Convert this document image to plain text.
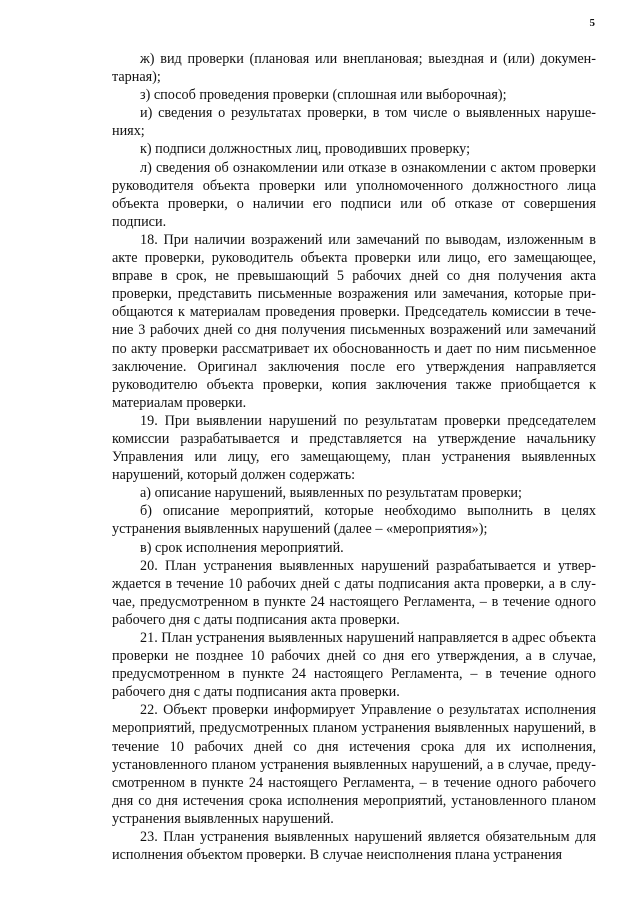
5

ж) вид проверки (плановая или внеплановая; выездная и (или) документарная);

з) способ проведения проверки (сплошная или выборочная);

и) сведения о результатах проверки, в том числе о выявленных нарушениях;

к) подписи должностных лиц, проводивших проверку;

л) сведения об ознакомлении или отказе в ознакомлении с актом проверки руководителя объекта проверки или уполномоченного должностного лица объекта проверки, о наличии его подписи или об отказе от совершения подписи.

18. При наличии возражений или замечаний по выводам, изложенным в акте проверки, руководитель объекта проверки или лицо, его замещающее, вправе в срок, не превышающий 5 рабочих дней со дня получения акта проверки, представить письменные возражения или замечания, которые приобщаются к материалам проведения проверки. Председатель комиссии в течение 3 рабочих дней со дня получения письменных возражений или замечаний по акту проверки рассматривает их обоснованность и дает по ним письменное заключение. Оригинал заключения после его утверждения направляется руководителю объекта проверки, копия заключения также приобщается к материалам проверки.

19. При выявлении нарушений по результатам проверки председателем комиссии разрабатывается и представляется на утверждение начальнику Управления или лицу, его замещающему, план устранения выявленных нарушений, который должен содержать:

а) описание нарушений, выявленных по результатам проверки;

б) описание мероприятий, которые необходимо выполнить в целях устранения выявленных нарушений (далее – «мероприятия»);

в) срок исполнения мероприятий.

20. План устранения выявленных нарушений разрабатывается и утверждается в течение 10 рабочих дней с даты подписания акта проверки, а в случае, предусмотренном в пункте 24 настоящего Регламента, – в течение одного рабочего дня с даты подписания акта проверки.

21. План устранения выявленных нарушений направляется в адрес объекта проверки не позднее 10 рабочих дней со дня его утверждения, а в случае, предусмотренном в пункте 24 настоящего Регламента, – в течение одного рабочего дня с даты подписания акта проверки.

22. Объект проверки информирует Управление о результатах исполнения мероприятий, предусмотренных планом устранения выявленных нарушений, в течение 10 рабочих дней со дня истечения срока для их исполнения, установленного планом устранения выявленных нарушений, а в случае, предусмотренном в пункте 24 настоящего Регламента, – в течение одного рабочего дня со дня истечения срока исполнения мероприятий, установленного планом устранения выявленных нарушений.

23. План устранения выявленных нарушений является обязательным для исполнения объектом проверки. В случае неисполнения плана устранения
